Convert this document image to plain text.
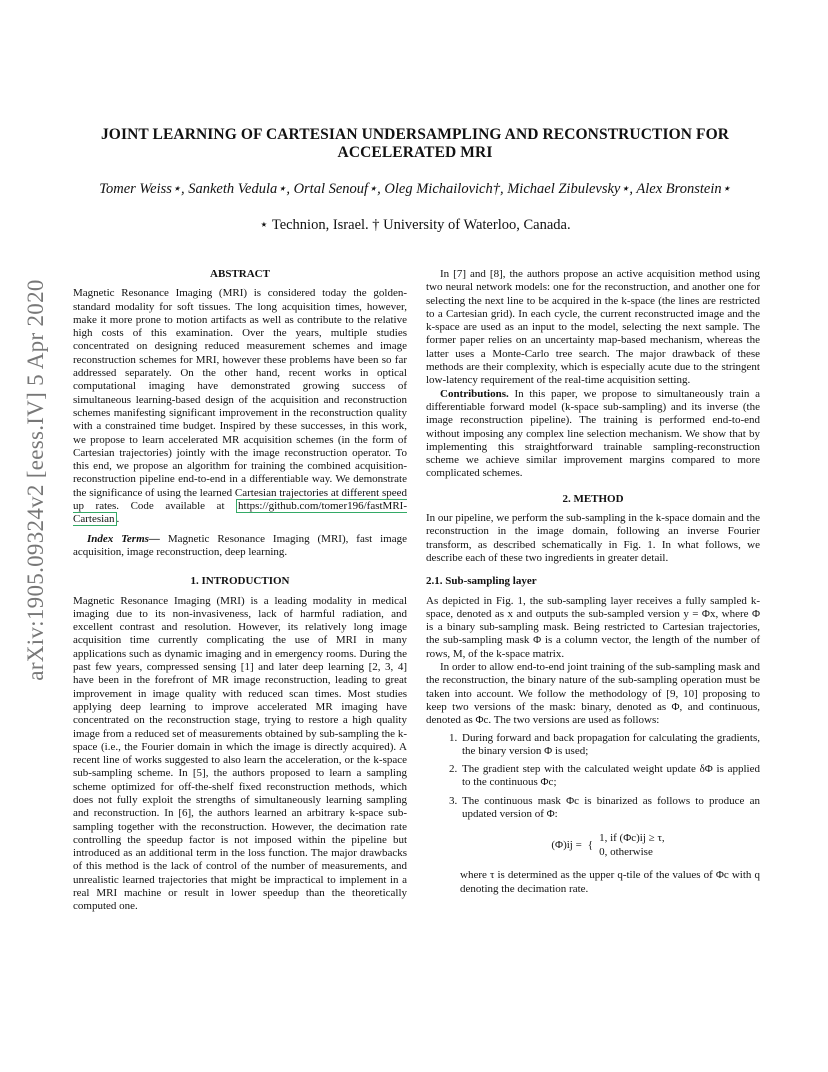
arXiv:1905.09324v2 [eess.IV] 5 Apr 2020
JOINT LEARNING OF CARTESIAN UNDERSAMPLING AND RECONSTRUCTION FOR
ACCELERATED MRI
Tomer Weiss⋆, Sanketh Vedula⋆, Ortal Senouf⋆, Oleg Michailovich†, Michael Zibulevsky⋆, Alex Bronstein⋆
⋆ Technion, Israel. † University of Waterloo, Canada.
ABSTRACT

Magnetic Resonance Imaging (MRI) is considered today the golden-standard modality for soft tissues. The long acquisition times, however, make it more prone to motion artifacts as well as contribute to the relative high costs of this examination. Over the years, multiple studies concentrated on designing reduced measurement schemes and image reconstruction schemes for MRI, however these problems have been so far addressed separately. On the other hand, recent works in optical computational imaging have demonstrated growing success of simultaneous learning-based design of the acquisition and reconstruction schemes manifesting significant improvement in the reconstruction quality with a constrained time budget. Inspired by these successes, in this work, we propose to learn accelerated MR acquisition schemes (in the form of Cartesian trajectories) jointly with the image reconstruction operator. To this end, we propose an algorithm for training the combined acquisition-reconstruction pipeline end-to-end in a differentiable way. We demonstrate the significance of using the learned Cartesian trajectories at different speed up rates. Code available at https://github.com/tomer196/fastMRI-Cartesian .

Index Terms— Magnetic Resonance Imaging (MRI), fast image acquisition, image reconstruction, deep learning.

1. INTRODUCTION

Magnetic Resonance Imaging (MRI) is a leading modality in medical imaging due to its non-invasiveness, lack of harmful radiation, and excellent contrast and resolution. However, its relatively long image acquisition time currently complicating the use of MRI in many applications such as dynamic imaging and in emergency rooms. During the past few years, compressed sensing [1] and later deep learning [2, 3, 4] have been in the forefront of MR image reconstruction, leading to great improvement in image quality with reduced scan times. Most studies applying deep learning to improve accelerated MR imaging have concentrated on the reconstruction stage, trying to restore a high quality image from a reduced set of measurements obtained by sub-sampling the k-space (i.e., the Fourier domain in which the image is directly acquired). A recent line of works suggested to also learn the acceleration, or the k-space sub-sampling scheme. In [5], the authors proposed to learn a sampling scheme optimized for off-the-shelf fixed reconstruction methods, which does not fully exploit the strengths of simultaneously learning sampling and reconstruction. In [6], the authors learned an arbitrary k-space sub-sampling together with the reconstruction. However, the decimation rate controlling the speedup factor is not imposed within the pipeline but introduced as an additional term in the loss function. The major drawbacks of this method is the lack of control of the number of measurements, and unrealistic learned trajectories that might be impractical to implement in a real MRI machine or result in lower speedup than the theoretically computed one.

In [7] and [8], the authors propose an active acquisition method using two neural network models: one for the reconstruction, and another one for selecting the next line to be acquired in the k-space (the lines are restricted to a Cartesian grid). In each cycle, the current reconstructed image and the k-space are used as an input to the model, selecting the next sample. The former paper relies on an uncertainty map-based mechanism, whereas the latter uses a Monte-Carlo tree search. The major drawback of these methods are their complexity, which is especially acute due to the stringent low-latency requirement of the real-time acquisition setting.

Contributions. In this paper, we propose to simultaneously train a differentiable forward model (k-space sub-sampling) and its inverse (the image reconstruction pipeline). The training is performed end-to-end without imposing any complex line selection mechanism. We show that by implementing this straightforward trainable sampling-reconstruction scheme we achieve similar improvement margins compared to more complicated schemes.

2. METHOD

In our pipeline, we perform the sub-sampling in the k-space domain and the reconstruction in the image domain, following an inverse Fourier transform, as described schematically in Fig. 1. In what follows, we describe each of these two ingredients in greater detail.

2.1. Sub-sampling layer

As depicted in Fig. 1, the sub-sampling layer receives a fully sampled k-space, denoted as x and outputs the sub-sampled version y = Φx, where Φ is a binary sub-sampling mask. Being restricted to Cartesian trajectories, the sub-sampling mask Φ is a column vector, the length of the number of rows, M, of the k-space matrix.

In order to allow end-to-end joint training of the sub-sampling mask and the reconstruction, the binary nature of the sub-sampling operation must be taken into account. We follow the methodology of [9, 10] proposing to keep two versions of the mask: binary, denoted as Φ, and continuous, denoted as Φc. The two versions are used as follows:

1. During forward and back propagation for calculating the gradients, the binary version Φ is used;
2. The gradient step with the calculated weight update δΦ is applied to the continuous Φc;
3. The continuous mask Φc is binarized as follows to produce an updated version of Φ:
(Φ)ij =	{	
1, if (Φc)ij ≥ τ,
0, otherwise

where τ is determined as the upper q-tile of the values of Φc with q denoting the decimation rate.
